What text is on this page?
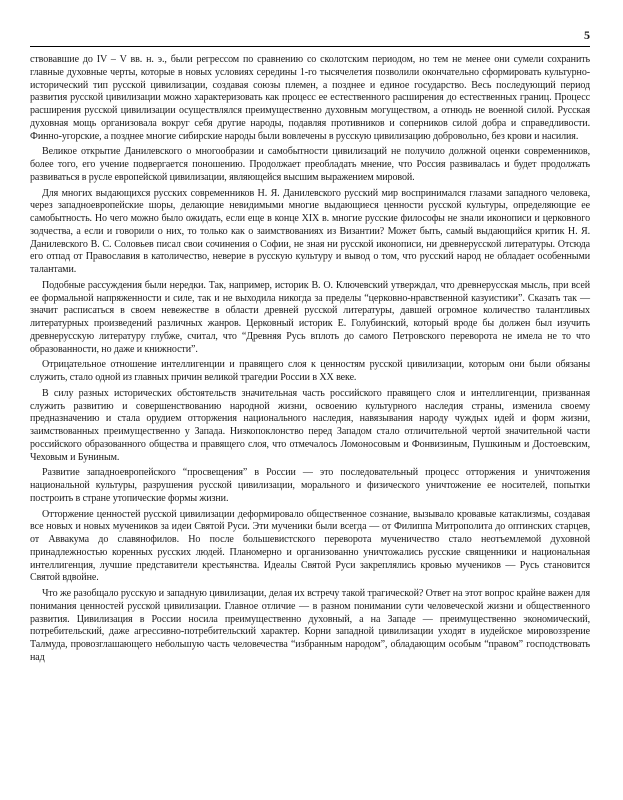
5

ствовавшие до IV – V вв. н. э., были регрессом по сравнению со сколотским периодом, но тем не менее они сумели сохранить главные духовные черты, которые в новых условиях середины 1-го тысячелетия позволили окончательно сформировать культурно-исторический тип русской цивилизации, создавая союзы племен, а позднее и единое государство. Весь последующий период развития русской цивилизации можно характеризовать как процесс ее естественного расширения до естественных границ. Процесс расширения русской цивилизации осуществлялся преимущественно духовным могуществом, а отнюдь не военной силой. Русская духовная мощь организовала вокруг себя другие народы, подавляя противников и соперников силой добра и справедливости. Финно-угорские, а позднее многие сибирские народы были вовлечены в русскую цивилизацию добровольно, без крови и насилия.

Великое открытие Данилевского о многообразии и самобытности цивилизаций не получило должной оценки современников, более того, его учение подвергается поношению. Продолжает преобладать мнение, что Россия развивалась и будет продолжать развиваться в русле европейской цивилизации, являющейся высшим выражением мировой.

Для многих выдающихся русских современников Н. Я. Данилевского русский мир воспринимался глазами западного человека, через западноевропейские шоры, делающие невидимыми многие выдающиеся ценности русской культуры, определяющие ее самобытность. Но чего можно было ожидать, если еще в конце XIX в. многие русские философы не знали иконописи и церковного зодчества, а если и говорили о них, то только как о заимствованиях из Византии? Может быть, самый выдающийся критик Н. Я. Данилевского В. С. Соловьев писал свои сочинения о Софии, не зная ни русской иконописи, ни древнерусской литературы. Отсюда его отпад от Православия в католичество, неверие в русскую культуру и вывод о том, что русский народ не обладает особенными талантами.

Подобные рассуждения были нередки. Так, например, историк В. О. Ключевский утверждал, что древнерусская мысль, при всей ее формальной напряженности и силе, так и не выходила никогда за пределы “церковно-нравственной казуистики”. Сказать так — значит расписаться в своем невежестве в области древней русской литературы, давшей огромное количество талантливых литературных произведений различных жанров. Церковный историк Е. Голубинский, который вроде бы должен был изучить древнерусскую литературу глубже, считал, что “Древняя Русь вплоть до самого Петровского переворота не имела не то что образованности, но даже и книжности”.

Отрицательное отношение интеллигенции и правящего слоя к ценностям русской цивилизации, которым они были обязаны служить, стало одной из главных причин великой трагедии России в XX веке.

В силу разных исторических обстоятельств значительная часть российского правящего слоя и интеллигенции, призванная служить развитию и совершенствованию народной жизни, освоению культурного наследия страны, изменила своему предназначению и стала орудием отторжения национального наследия, навязывания народу чуждых идей и форм жизни, заимствованных преимущественно у Запада. Низкопоклонство перед Западом стало отличительной чертой значительной части российского образованного общества и правящего слоя, что отмечалось Ломоносовым и Фонвизиным, Пушкиным и Достоевским, Чеховым и Буниным.

Развитие западноевропейского “просвещения” в России — это последовательный процесс отторжения и уничтожения национальной культуры, разрушения русской цивилизации, морального и физического уничтожение ее носителей, попытки построить в стране утопические формы жизни.

Отторжение ценностей русской цивилизации деформировало общественное сознание, вызывало кровавые катаклизмы, создавая все новых и новых мучеников за идеи Святой Руси. Эти мученики были всегда — от Филиппа Митрополита до оптинских старцев, от Аввакума до славянофилов. Но после большевистского переворота мученичество стало неотъемлемой духовной принадлежностью коренных русских людей. Планомерно и организованно уничтожались русские священники и национальная интеллигенция, лучшие представители крестьянства. Идеалы Святой Руси закреплялись кровью мучеников — Русь становится Святой вдвойне.

Что же разобщало русскую и западную цивилизации, делая их встречу такой трагической? Ответ на этот вопрос крайне важен для понимания ценностей русской цивилизации. Главное отличие — в разном понимании сути человеческой жизни и общественного развития. Цивилизация в России носила преимущественно духовный, а на Западе — преимущественно экономический, потребительский, даже агрессивно-потребительский характер. Корни западной цивилизации уходят в иудейское мировоззрение Талмуда, провозглашающего небольшую часть человечества “избранным народом”, обладающим особым “правом” господствовать над
